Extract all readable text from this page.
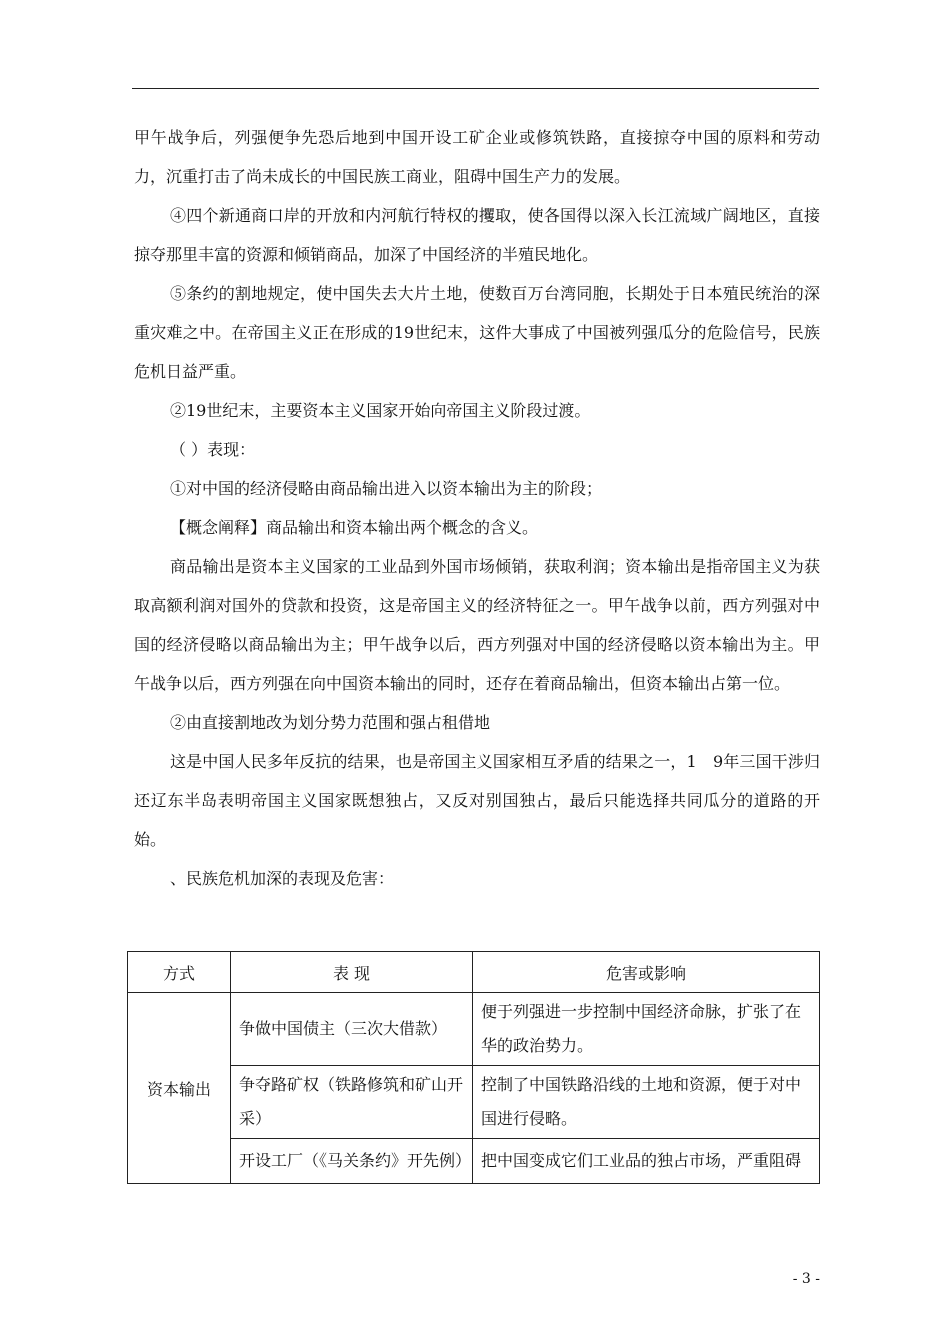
甲午战争后，列强便争先恐后地到中国开设工矿企业或修筑铁路，直接掠夺中国的原料和劳动力，沉重打击了尚未成长的中国民族工商业，阻碍中国生产力的发展。

④四个新通商口岸的开放和内河航行特权的攫取，使各国得以深入长江流域广阔地区，直接掠夺那里丰富的资源和倾销商品，加深了中国经济的半殖民地化。

⑤条约的割地规定，使中国失去大片土地，使数百万台湾同胞，长期处于日本殖民统治的深重灾难之中。在帝国主义正在形成的19世纪末，这件大事成了中国被列强瓜分的危险信号，民族危机日益严重。

②19世纪末，主要资本主义国家开始向帝国主义阶段过渡。

（ ）表现：

①对中国的经济侵略由商品输出进入以资本输出为主的阶段；

【概念阐释】商品输出和资本输出两个概念的含义。

商品输出是资本主义国家的工业品到外国市场倾销，获取利润；资本输出是指帝国主义为获取高额利润对国外的贷款和投资，这是帝国主义的经济特征之一。甲午战争以前，西方列强对中国的经济侵略以商品输出为主；甲午战争以后，西方列强对中国的经济侵略以资本输出为主。甲午战争以后，西方列强在向中国资本输出的同时，还存在着商品输出，但资本输出占第一位。

②由直接割地改为划分势力范围和强占租借地

这是中国人民多年反抗的结果，也是帝国主义国家相互矛盾的结果之一，1　9年三国干涉归还辽东半岛表明帝国主义国家既想独占，又反对别国独占，最后只能选择共同瓜分的道路的开始。

、民族危机加深的表现及危害：

方式	表 现	危害或影响
资本输出	争做中国债主（三次大借款）	便于列强进一步控制中国经济命脉，扩张了在华的政治势力。
	争夺路矿权（铁路修筑和矿山开采）	控制了中国铁路沿线的土地和资源，便于对中国进行侵略。
	开设工厂（《马关条约》开先例）	把中国变成它们工业品的独占市场，严重阻碍
- 3 -
